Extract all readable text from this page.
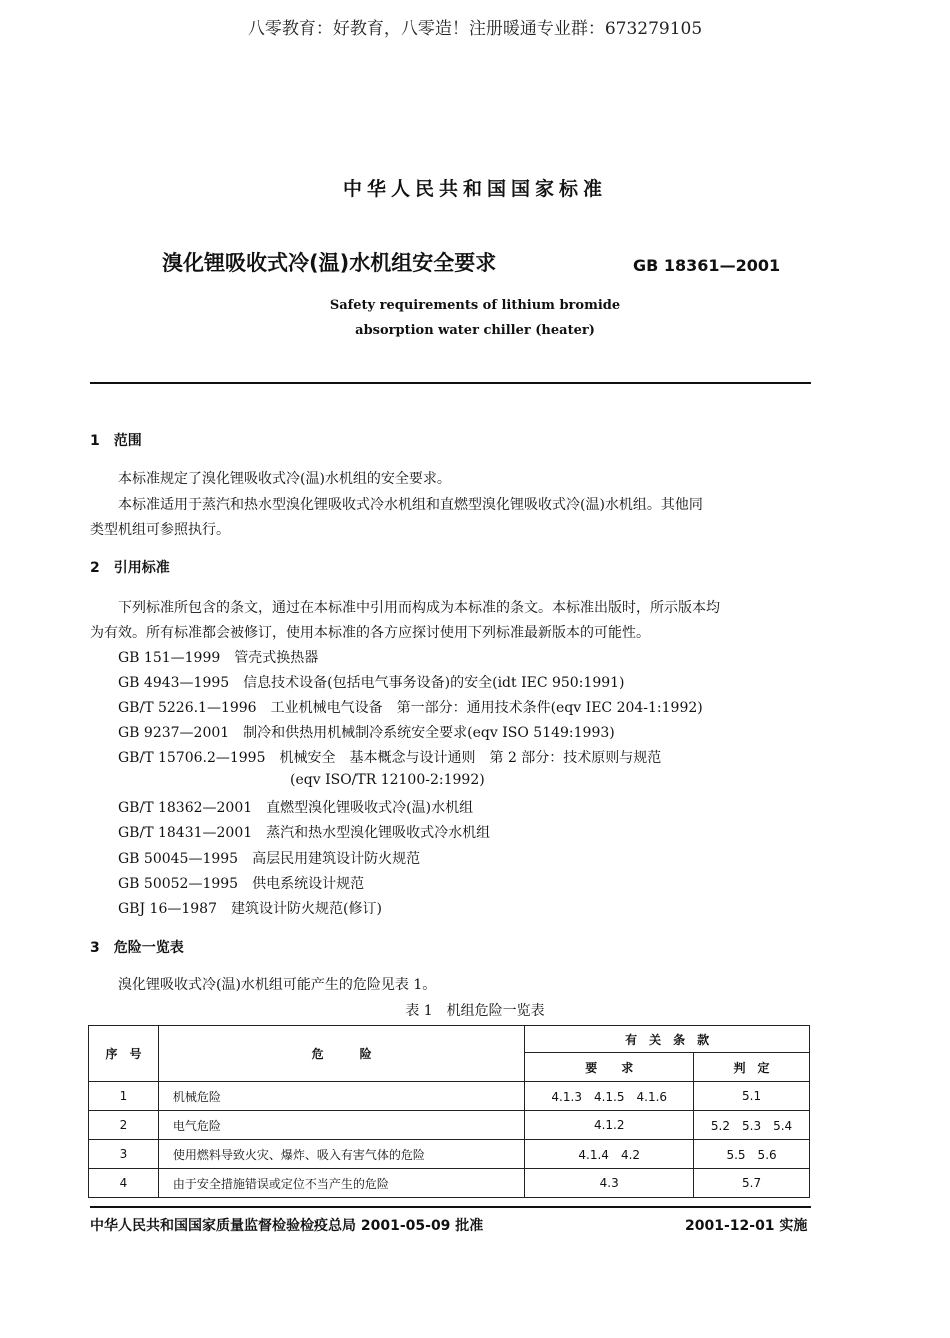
八零教育：好教育，八零造！注册暖通专业群：673279105
中华人民共和国国家标准
溴化锂吸收式冷(温)水机组安全要求	GB 18361—2001
Safety requirements of lithium bromide
absorption water chiller (heater)
1　范围
本标准规定了溴化锂吸收式冷(温)水机组的安全要求。
本标准适用于蒸汽和热水型溴化锂吸收式冷水机组和直燃型溴化锂吸收式冷(温)水机组。其他同
类型机组可参照执行。
2　引用标准
下列标准所包含的条文，通过在本标准中引用而构成为本标准的条文。本标准出版时，所示版本均
为有效。所有标准都会被修订，使用本标准的各方应探讨使用下列标准最新版本的可能性。
GB 151—1999　管壳式换热器
GB 4943—1995　信息技术设备(包括电气事务设备)的安全(idt IEC 950:1991)
GB/T 5226.1—1996　工业机械电气设备　第一部分：通用技术条件(eqv IEC 204-1:1992)
GB 9237—2001　制冷和供热用机械制冷系统安全要求(eqv ISO 5149:1993)
GB/T 15706.2—1995　机械安全　基本概念与设计通则　第 2 部分：技术原则与规范
(eqv ISO/TR 12100-2:1992)
GB/T 18362—2001　直燃型溴化锂吸收式冷(温)水机组
GB/T 18431—2001　蒸汽和热水型溴化锂吸收式冷水机组
GB 50045—1995　高层民用建筑设计防火规范
GB 50052—1995　供电系统设计规范
GBJ 16—1987　建筑设计防火规范(修订)
3　危险一览表
溴化锂吸收式冷(温)水机组可能产生的危险见表 1。
表 1　机组危险一览表
序　号	危　　　险	有　关　条　款	
		要　　求	判　定
1	机械危险	4.1.3　4.1.5　4.1.6	5.1
2	电气危险	4.1.2	5.2　5.3　5.4
3	使用燃料导致火灾、爆炸、吸入有害气体的危险	4.1.4　4.2	5.5　5.6
4	由于安全措施错误或定位不当产生的危险	4.3	5.7
中华人民共和国国家质量监督检验检疫总局 2001-05-09 批准	2001-12-01 实施
